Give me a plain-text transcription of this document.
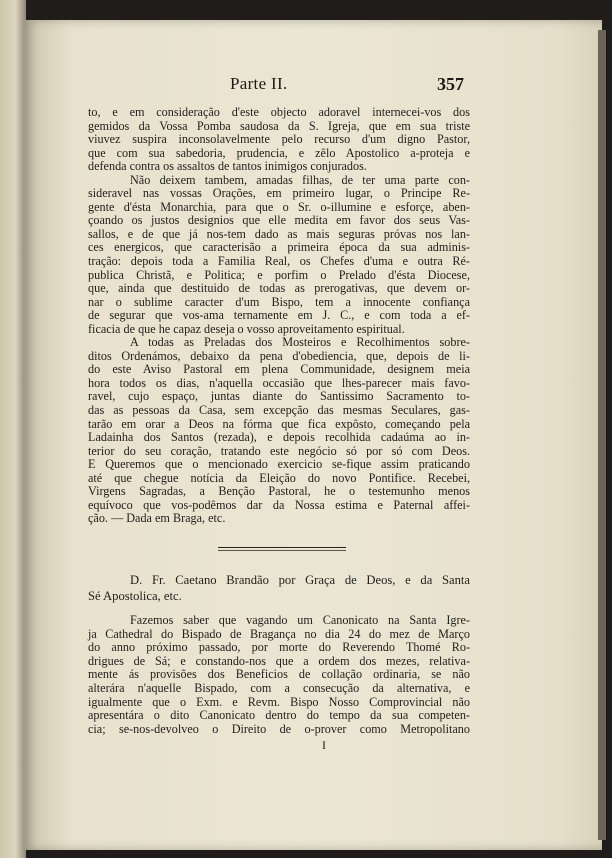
Parte II.	357
to, e em consideração d'este objecto adoravel internecei-vos dos
gemidos da Vossa Pomba saudosa da S. Igreja, que em sua triste
viuvez suspira inconsolavelmente pelo recurso d'um digno Pastor,
que com sua sabedoria, prudencia, e zêlo Apostolico a-proteja e
defenda contra os assaltos de tantos inimigos conjurados.
Não deixem tambem, amadas filhas, de ter uma parte con-
sideravel nas vossas Orações, em primeiro lugar, o Principe Re-
gente d'ésta Monarchia, para que o Sr. o-illumine e esforçe, aben-
çoando os justos designios que elle medita em favor dos seus Vas-
sallos, e de que já nos-tem dado as mais seguras próvas nos lan-
ces energicos, que caracterisão a primeira época da sua adminis-
tração: depois toda a Familia Real, os Chefes d'uma e outra Ré-
publica Christã, e Politica; e porfim o Prelado d'ésta Diocese,
que, ainda que destituido de todas as prerogativas, que devem or-
nar o sublime caracter d'um Bispo, tem a innocente confiança
de segurar que vos-ama ternamente em J. C., e com toda a ef-
ficacia de que he capaz deseja o vosso aproveitamento espiritual.
A todas as Preladas dos Mosteiros e Recolhimentos sobre-
ditos Ordenámos, debaixo da pena d'obediencia, que, depois de li-
do este Aviso Pastoral em plena Communidade, designem meia
hora todos os dias, n'aquella occasião que lhes-parecer mais favo-
ravel, cujo espaço, juntas diante do Santissimo Sacramento to-
das as pessoas da Casa, sem excepção das mesmas Seculares, gas-
tarão em orar a Deos na fórma que fica expôsto, começando pela
Ladainha dos Santos (rezada), e depois recolhida cadaúma ao in-
terior do seu coração, tratando este negócio só por só com Deos.
E Queremos que o mencionado exercicio se-fique assim praticando
até que chegue notícia da Eleição do novo Pontifice. Recebei,
Virgens Sagradas, a Benção Pastoral, he o testemunho menos
equívoco que vos-podêmos dar da Nossa estima e Paternal affei-
ção. — Dada em Braga, etc.
D. Fr. Caetano Brandão por Graça de Deos, e da Santa
Sé Apostolica, etc.
Fazemos saber que vagando um Canonicato na Santa Igre-
ja Cathedral do Bispado de Bragança no dia 24 do mez de Março
do anno próximo passado, por morte do Reverendo Thomé Ro-
drigues de Sá; e constando-nos que a ordem dos mezes, relativa-
mente ás provisões dos Beneficios de collação ordinaria, se não
alterára n'aquelle Bispado, com a consecução da alternativa, e
igualmente que o Exm. e Revm. Bispo Nosso Comprovincial não
apresentára o dito Canonicato dentro do tempo da sua competen-
cia; se-nos-devolveo o Direito de o-prover como Metropolitano
I
